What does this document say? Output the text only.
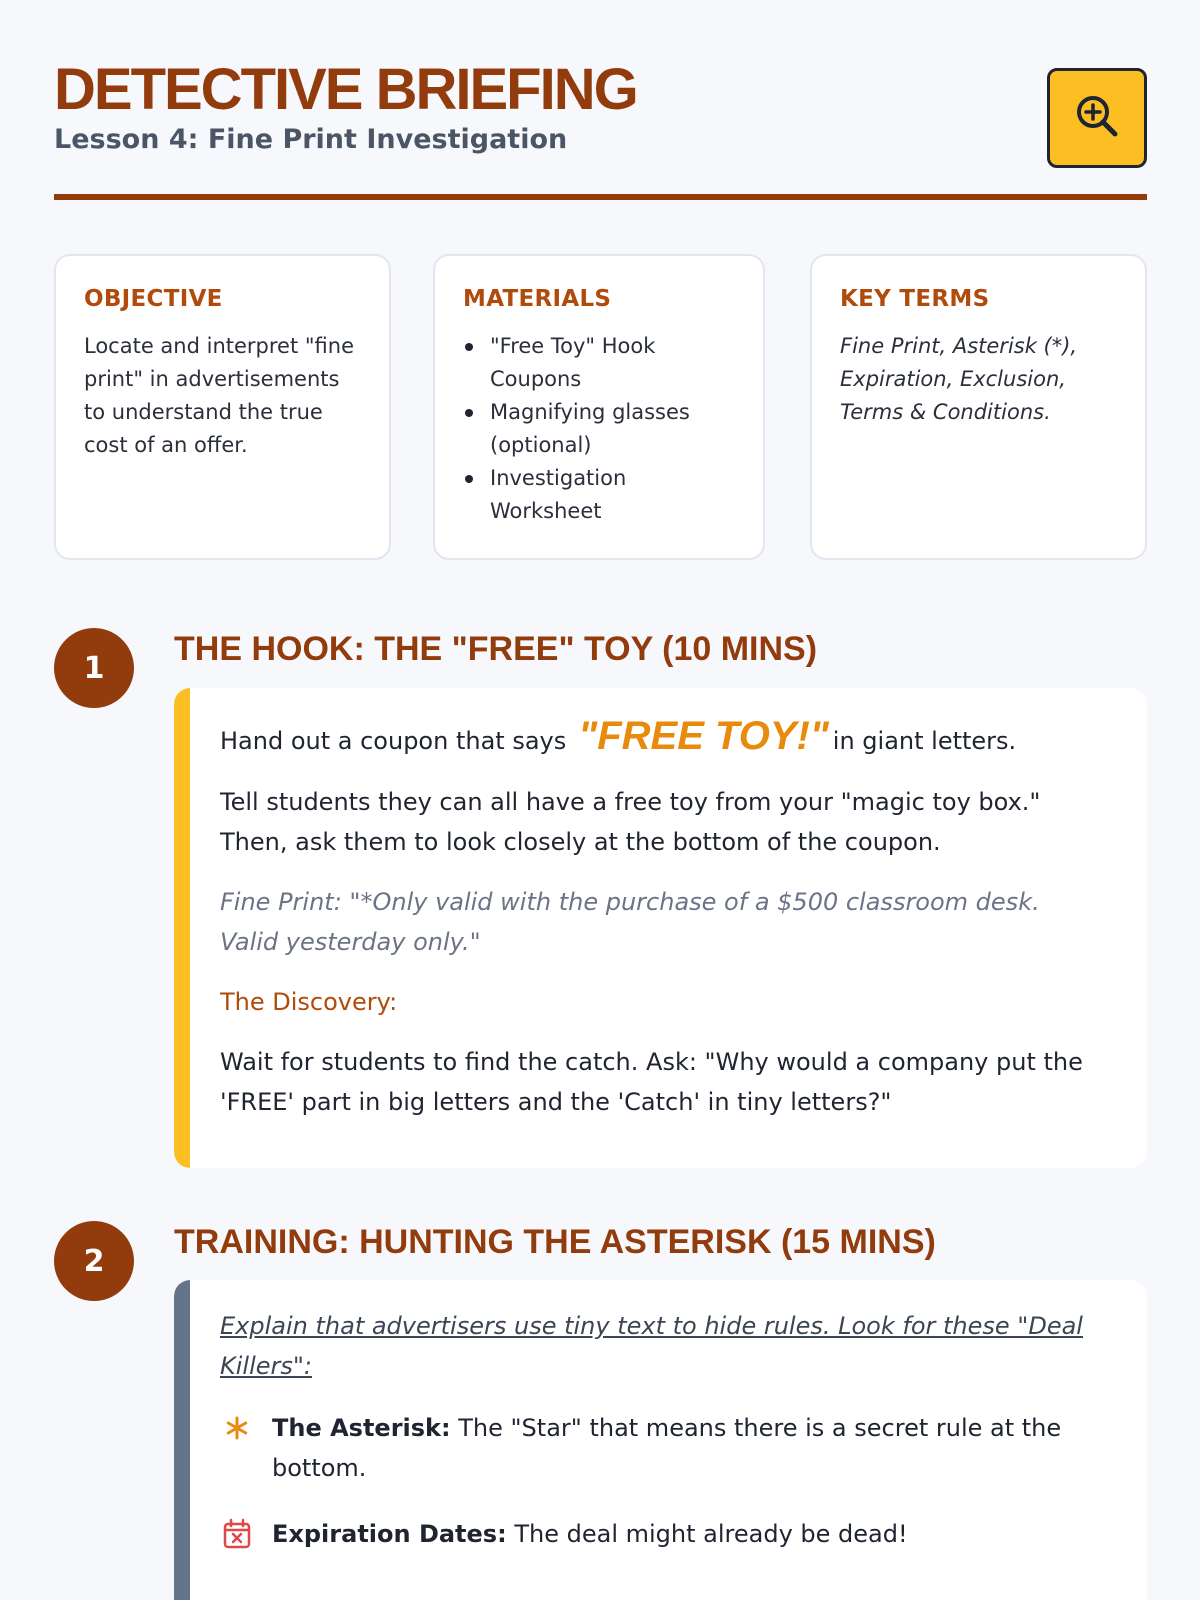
DETECTIVE BRIEFING
Lesson 4: Fine Print Investigation
OBJECTIVE
Locate and interpret "fine print" in advertisements to understand the true cost of an offer.
MATERIALS
"Free Toy" Hook Coupons
Magnifying glasses (optional)
Investigation Worksheet
KEY TERMS
Fine Print, Asterisk (*), Expiration, Exclusion, Terms & Conditions.
1	THE HOOK: THE "FREE" TOY (10 MINS)
Hand out a coupon that says "FREE TOY!" in giant letters.
Tell students they can all have a free toy from your "magic toy box." Then, ask them to look closely at the bottom of the coupon.
Fine Print: "*Only valid with the purchase of a $500 classroom desk. Valid yesterday only."
The Discovery:
Wait for students to find the catch. Ask: "Why would a company put the 'FREE' part in big letters and the 'Catch' in tiny letters?"
2	TRAINING: HUNTING THE ASTERISK (15 MINS)
Explain that advertisers use tiny text to hide rules. Look for these "Deal Killers":
The Asterisk: The "Star" that means there is a secret rule at the bottom.
Expiration Dates: The deal might already be dead!
